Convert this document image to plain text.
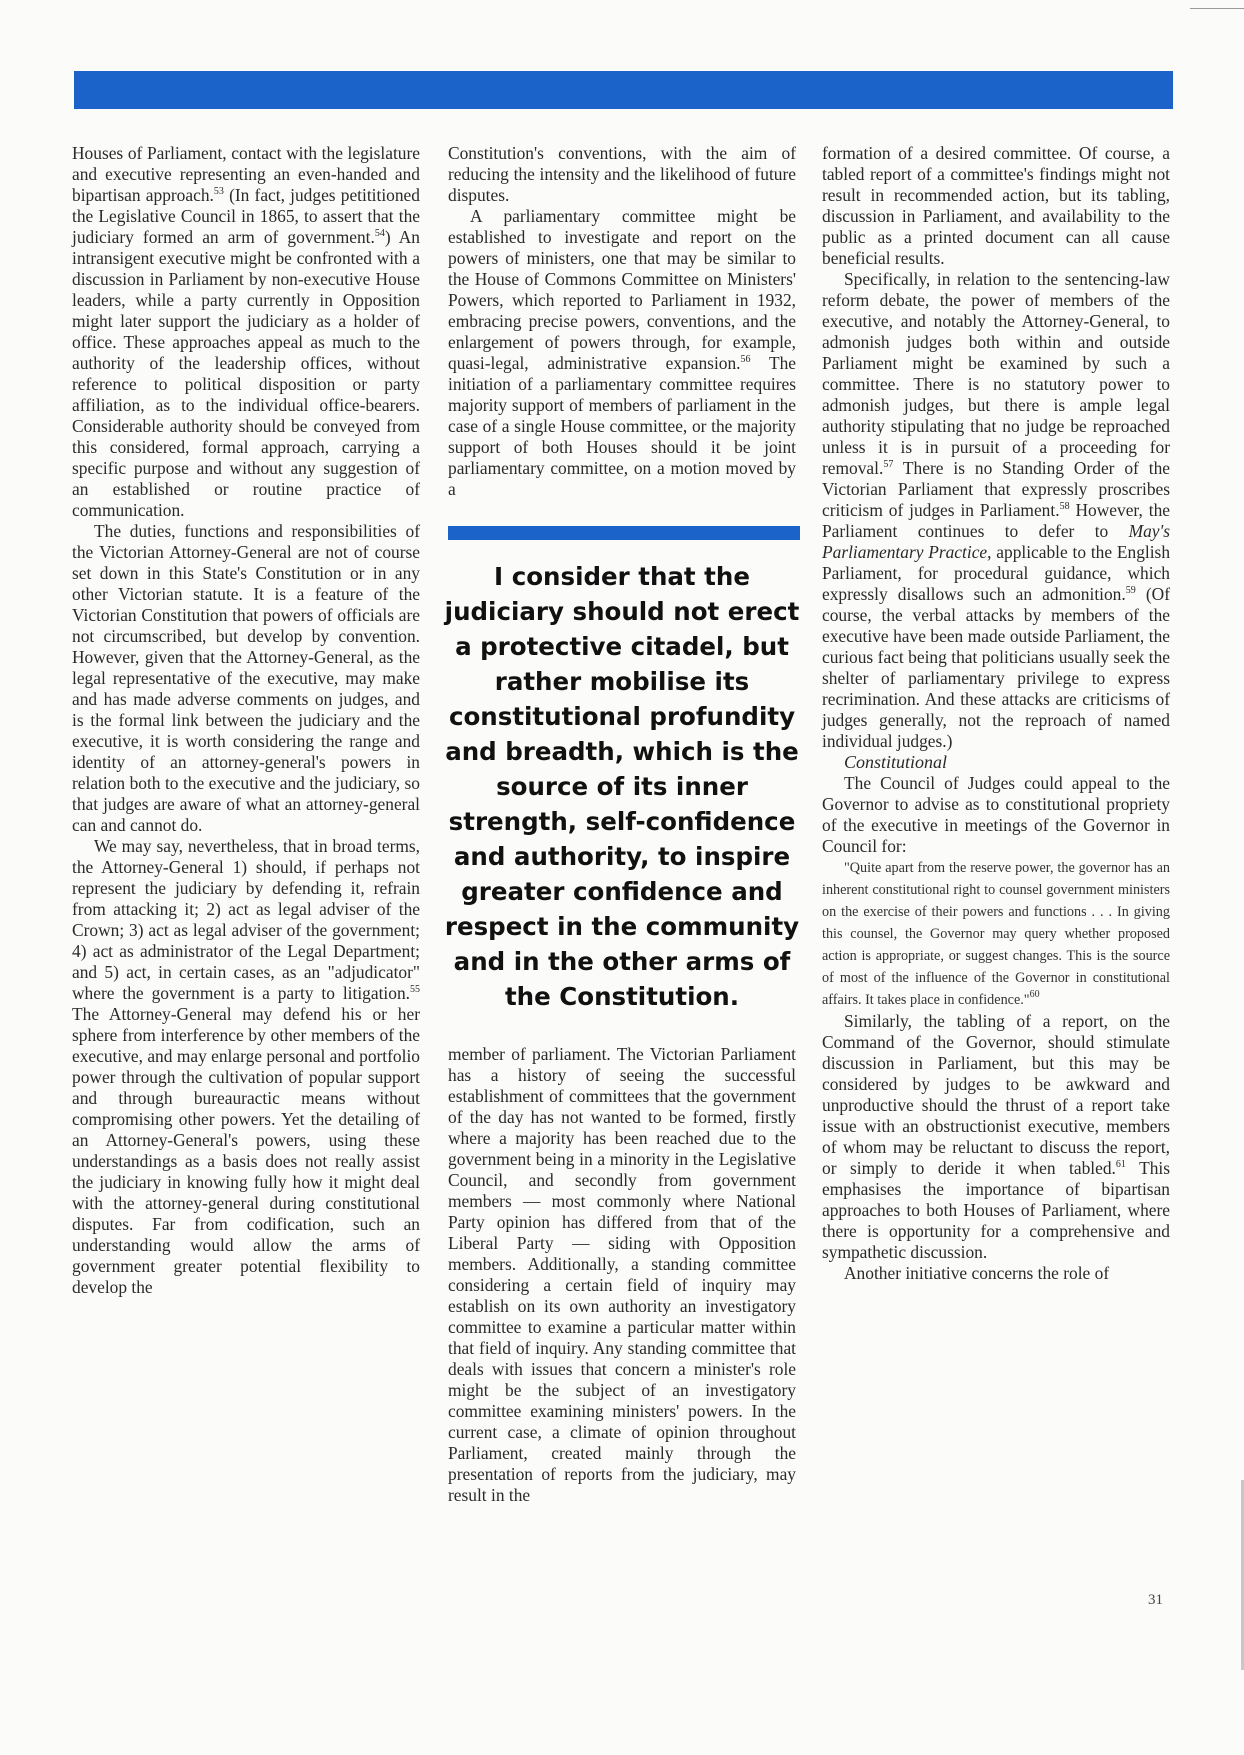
Houses of Parliament, contact with the legislature and executive representing an even-handed and bipartisan approach.$^{53}$ (In fact, judges petititioned the Legislative Council in 1865, to assert that the judiciary formed an arm of government.$^{54}$) An intransigent executive might be confronted with a discussion in Parliament by non-executive House leaders, while a party currently in Opposition might later support the judiciary as a holder of office. These approaches appeal as much to the authority of the leadership offices, without reference to political disposition or party affiliation, as to the individual office-bearers. Considerable authority should be conveyed from this considered, formal approach, carrying a specific purpose and without any suggestion of an established or routine practice of communication.

The duties, functions and responsibilities of the Victorian Attorney-General are not of course set down in this State's Constitution or in any other Victorian statute. It is a feature of the Victorian Constitution that powers of officials are not circumscribed, but develop by convention. However, given that the Attorney-General, as the legal representative of the executive, may make and has made adverse comments on judges, and is the formal link between the judiciary and the executive, it is worth considering the range and identity of an attorney-general's powers in relation both to the executive and the judiciary, so that judges are aware of what an attorney-general can and cannot do.

We may say, nevertheless, that in broad terms, the Attorney-General 1) should, if perhaps not represent the judiciary by defending it, refrain from attacking it; 2) act as legal adviser of the Crown; 3) act as legal adviser of the government; 4) act as administrator of the Legal Department; and 5) act, in certain cases, as an "adjudicator" where the government is a party to litigation.$^{55}$ The Attorney-General may defend his or her sphere from interference by other members of the executive, and may enlarge personal and portfolio power through the cultivation of popular support and through bureauractic means without compromising other powers. Yet the detailing of an Attorney-General's powers, using these understandings as a basis does not really assist the judiciary in knowing fully how it might deal with the attorney-general during constitutional disputes. Far from codification, such an understanding would allow the arms of government greater potential flexibility to develop the

Constitution's conventions, with the aim of reducing the intensity and the likelihood of future disputes.

A parliamentary committee might be established to investigate and report on the powers of ministers, one that may be similar to the House of Commons Committee on Ministers' Powers, which reported to Parliament in 1932, embracing precise powers, conventions, and the enlargement of powers through, for example, quasi-legal, administrative expansion.$^{56}$ The initiation of a parliamentary committee requires majority support of members of parliament in the case of a single House committee, or the majority support of both Houses should it be joint parliamentary committee, on a motion moved by a

I consider that the judiciary should not erect a protective citadel, but rather mobilise its constitutional profundity and breadth, which is the source of its inner strength, self-confidence and authority, to inspire greater confidence and respect in the community and in the other arms of the Constitution.

member of parliament. The Victorian Parliament has a history of seeing the successful establishment of committees that the government of the day has not wanted to be formed, firstly where a majority has been reached due to the government being in a minority in the Legislative Council, and secondly from government members — most commonly where National Party opinion has differed from that of the Liberal Party — siding with Opposition members. Additionally, a standing committee considering a certain field of inquiry may establish on its own authority an investigatory committee to examine a particular matter within that field of inquiry. Any standing committee that deals with issues that concern a minister's role might be the subject of an investigatory committee examining ministers' powers. In the current case, a climate of opinion throughout Parliament, created mainly through the presentation of reports from the judiciary, may result in the

formation of a desired committee. Of course, a tabled report of a committee's findings might not result in recommended action, but its tabling, discussion in Parliament, and availability to the public as a printed document can all cause beneficial results.

Specifically, in relation to the sentencing-law reform debate, the power of members of the executive, and notably the Attorney-General, to admonish judges both within and outside Parliament might be examined by such a committee. There is no statutory power to admonish judges, but there is ample legal authority stipulating that no judge be reproached unless it is in pursuit of a proceeding for removal.$^{57}$ There is no Standing Order of the Victorian Parliament that expressly proscribes criticism of judges in Parliament.$^{58}$ However, the Parliament continues to defer to May's Parliamentary Practice, applicable to the English Parliament, for procedural guidance, which expressly disallows such an admonition.$^{59}$ (Of course, the verbal attacks by members of the executive have been made outside Parliament, the curious fact being that politicians usually seek the shelter of parliamentary privilege to express recrimination. And these attacks are criticisms of judges generally, not the reproach of named individual judges.)

Constitutional

The Council of Judges could appeal to the Governor to advise as to constitutional propriety of the executive in meetings of the Governor in Council for:

"Quite apart from the reserve power, the governor has an inherent constitutional right to counsel government ministers on the exercise of their powers and functions . . . In giving this counsel, the Governor may query whether proposed action is appropriate, or suggest changes. This is the source of most of the influence of the Governor in constitutional affairs. It takes place in confidence."$^{60}$

Similarly, the tabling of a report, on the Command of the Governor, should stimulate discussion in Parliament, but this may be considered by judges to be awkward and unproductive should the thrust of a report take issue with an obstructionist executive, members of whom may be reluctant to discuss the report, or simply to deride it when tabled.$^{61}$ This emphasises the importance of bipartisan approaches to both Houses of Parliament, where there is opportunity for a comprehensive and sympathetic discussion.

Another initiative concerns the role of

31
